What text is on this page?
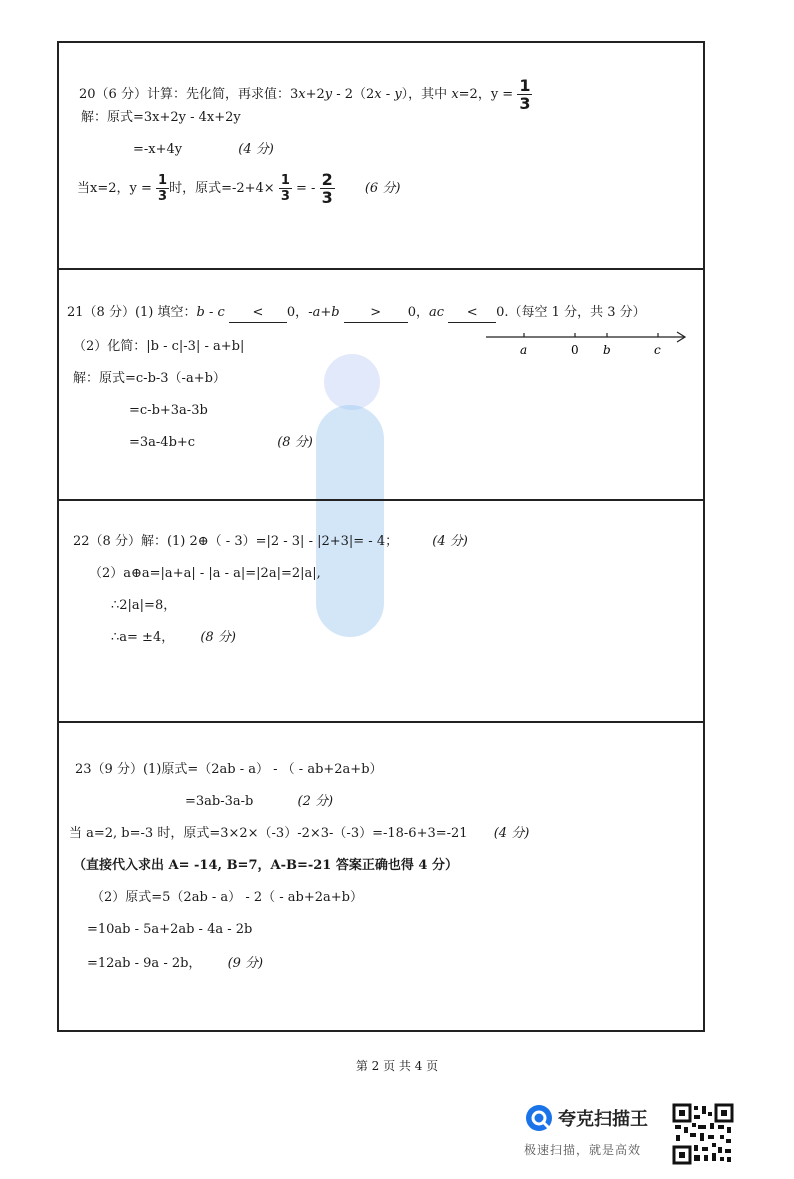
20（6 分）计算：先化简，再求值：3x+2y - 2（2x - y），其中 x=2，$y = \frac{1}{3}$
解：原式=3x+2y - 4x+2y
=-x+4y	(4 分)
当x=2，$y = \frac{1}{3}$ 时，原式$=-2+4\times \frac{1}{3}$ = - $\frac{2}{3} (6$ 分)
21（8 分）(1) 填空：b - c < 0，-a+b > 0，ac < 0.（每空 1 分，共 3 分）
a	0 b	c
（2）化简：|b - c|-3| - a+b|
解：原式=c-b-3（-a+b）
=c-b+3a-3b
=3a-4b+c	(8 分)
22（8 分）解：(1) 2⊕（ - 3）=|2 - 3| - |2+3|= - 4；	(4 分)
（2）a⊕a=|a+a| - |a - a|=|2a|=2|a|,
∴2|a|=8，
∴a= ±4， (8 分)
23（9 分）(1)原式=（2ab - a） - （ - ab+2a+b）
=3ab-3a-b	(2 分)
当 a=2, b=-3 时，原式=3×2×（-3）-2×3-（-3）=-18-6+3=-21 (4 分)
（直接代入求出 A= -14, B=7，A-B=-21 答案正确也得 4 分）
（2）原式=5（2ab - a） - 2（ - ab+2a+b）
=10ab - 5a+2ab - 4a - 2b
=12ab - 9a - 2b， (9 分)
第 2 页 共 4 页
夸克扫描王
极速扫描，就是高效
